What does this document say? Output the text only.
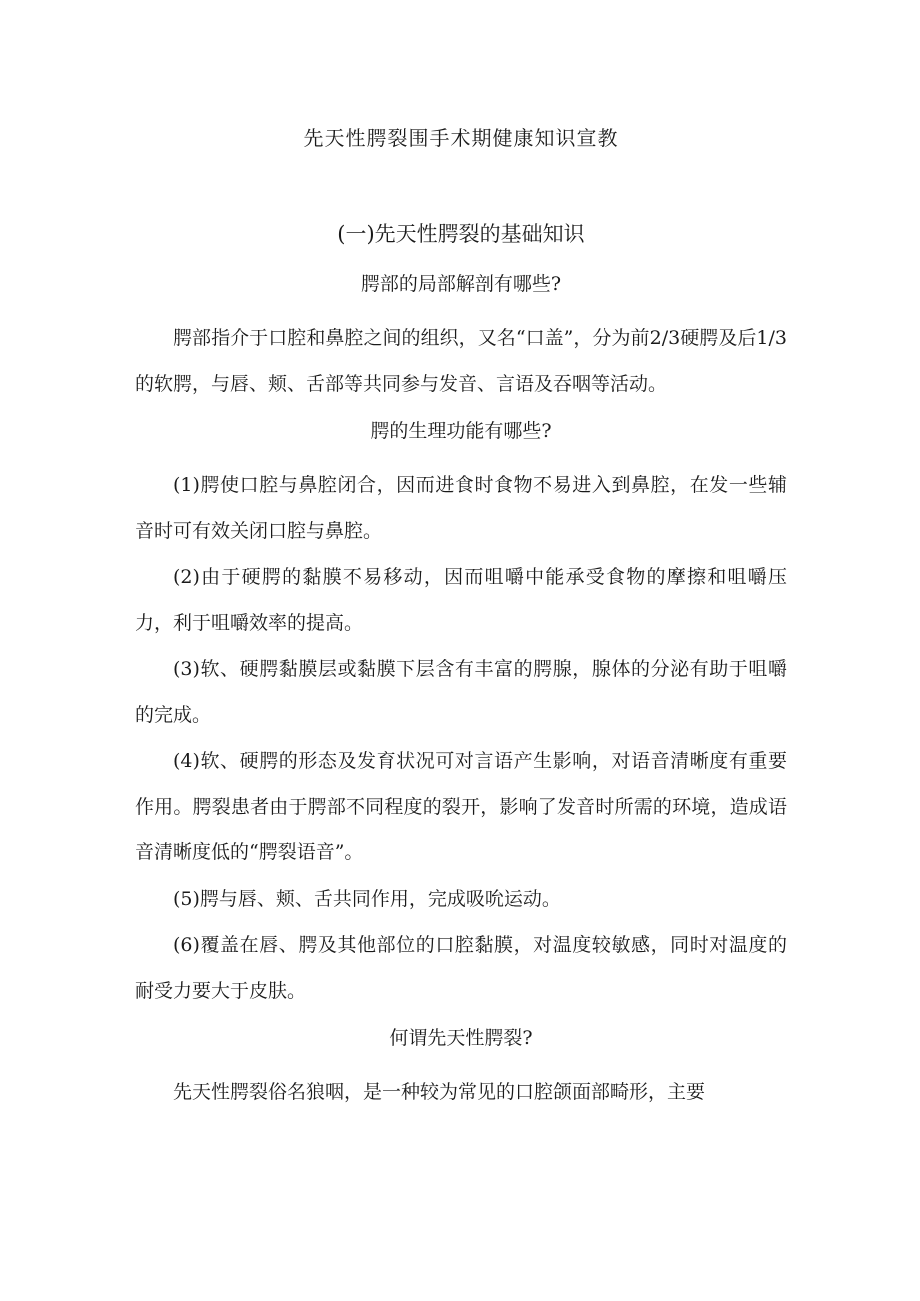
先天性腭裂围手术期健康知识宣教
(一)先天性腭裂的基础知识
腭部的局部解剖有哪些?

腭部指介于口腔和鼻腔之间的组织，又名“口盖”，分为前2/3硬腭及后1/3的软腭，与唇、颊、舌部等共同参与发音、言语及吞咽等活动。

腭的生理功能有哪些?

(1)腭使口腔与鼻腔闭合，因而进食时食物不易进入到鼻腔，在发一些辅音时可有效关闭口腔与鼻腔。

(2)由于硬腭的黏膜不易移动，因而咀嚼中能承受食物的摩擦和咀嚼压力，利于咀嚼效率的提高。

(3)软、硬腭黏膜层或黏膜下层含有丰富的腭腺，腺体的分泌有助于咀嚼的完成。

(4)软、硬腭的形态及发育状况可对言语产生影响，对语音清晰度有重要作用。腭裂患者由于腭部不同程度的裂开，影响了发音时所需的环境，造成语音清晰度低的“腭裂语音”。

(5)腭与唇、颊、舌共同作用，完成吸吮运动。

(6)覆盖在唇、腭及其他部位的口腔黏膜，对温度较敏感，同时对温度的耐受力要大于皮肤。

何谓先天性腭裂?

先天性腭裂俗名狼咽，是一种较为常见的口腔颌面部畸形，主要
